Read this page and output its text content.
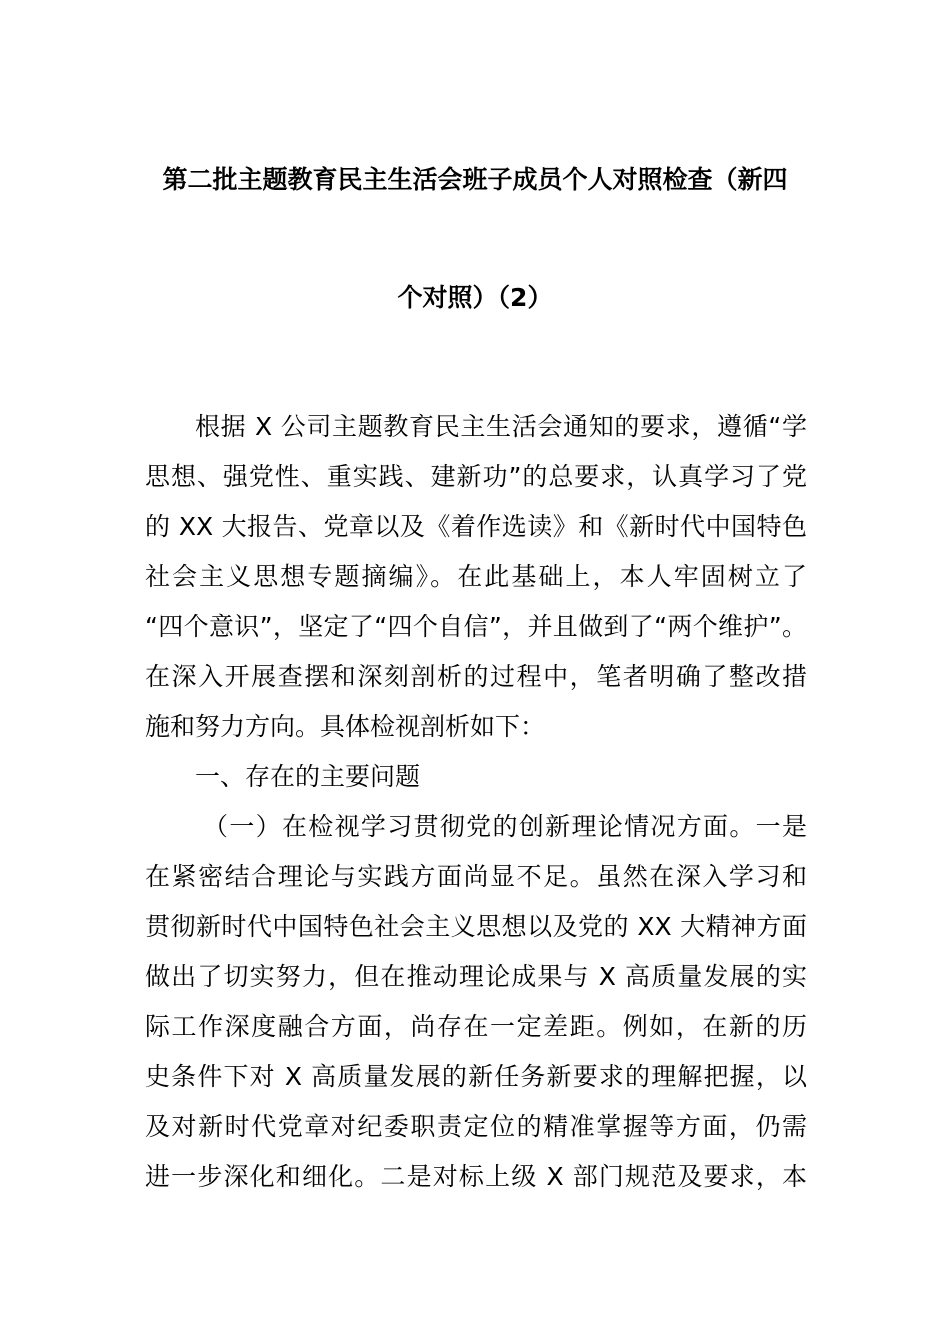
第二批主题教育民主生活会班子成员个人对照检查（新四
个对照）（2）
根据 X 公司主题教育民主生活会通知的要求，遵循“学
思想、强党性、重实践、建新功”的总要求，认真学习了党
的 XX 大报告、党章以及《着作选读》和《新时代中国特色
社会主义思想专题摘编》。在此基础上，本人牢固树立了
“四个意识”，坚定了“四个自信”，并且做到了“两个维护”。
在深入开展查摆和深刻剖析的过程中，笔者明确了整改措
施和努力方向。具体检视剖析如下：
一、存在的主要问题
（一）在检视学习贯彻党的创新理论情况方面。一是
在紧密结合理论与实践方面尚显不足。虽然在深入学习和
贯彻新时代中国特色社会主义思想以及党的 XX 大精神方面
做出了切实努力，但在推动理论成果与 X 高质量发展的实
际工作深度融合方面，尚存在一定差距。例如，在新的历
史条件下对 X 高质量发展的新任务新要求的理解把握，以
及对新时代党章对纪委职责定位的精准掌握等方面，仍需
进一步深化和细化。二是对标上级 X 部门规范及要求，本
